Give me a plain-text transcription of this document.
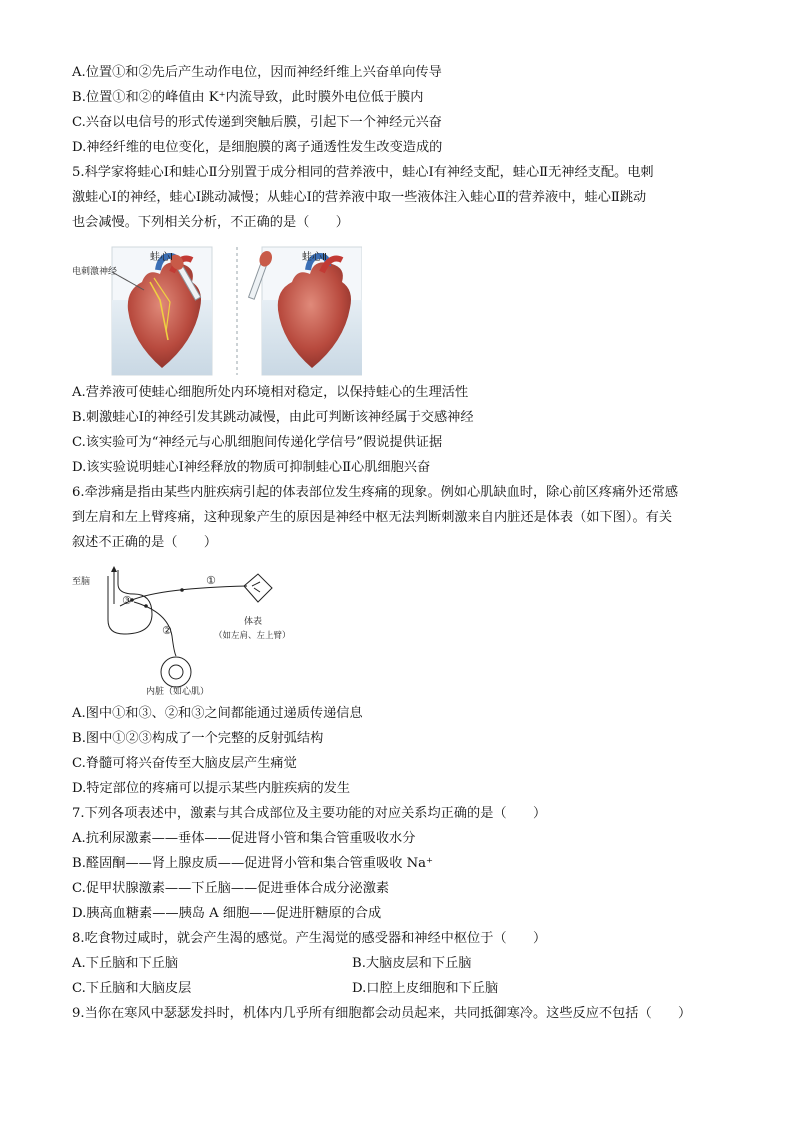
A.位置①和②先后产生动作电位，因而神经纤维上兴奋单向传导
B.位置①和②的峰值由 K⁺内流导致，此时膜外电位低于膜内
C.兴奋以电信号的形式传递到突触后膜，引起下一个神经元兴奋
D.神经纤维的电位变化，是细胞膜的离子通透性发生改变造成的
5.科学家将蛙心Ⅰ和蛙心Ⅱ分别置于成分相同的营养液中，蛙心Ⅰ有神经支配，蛙心Ⅱ无神经支配。电刺
激蛙心Ⅰ的神经，蛙心Ⅰ跳动减慢；从蛙心Ⅰ的营养液中取一些液体注入蛙心Ⅱ的营养液中，蛙心Ⅱ跳动
也会减慢。下列相关分析，不正确的是（　　）
蛙心Ⅰ	蛙心Ⅱ
电刺激神经
A.营养液可使蛙心细胞所处内环境相对稳定，以保持蛙心的生理活性
B.刺激蛙心Ⅰ的神经引发其跳动减慢，由此可判断该神经属于交感神经
C.该实验可为“神经元与心肌细胞间传递化学信号”假说提供证据
D.该实验说明蛙心Ⅰ神经释放的物质可抑制蛙心Ⅱ心肌细胞兴奋
6.牵涉痛是指由某些内脏疾病引起的体表部位发生疼痛的现象。例如心肌缺血时，除心前区疼痛外还常感
到左肩和左上臂疼痛，这种现象产生的原因是神经中枢无法判断刺激来自内脏还是体表（如下图）。有关
叙述不正确的是（　　）
至脑	①
②
③
体表
（如左肩、左上臂）
内脏（如心肌）
A.图中①和③、②和③之间都能通过递质传递信息
B.图中①②③构成了一个完整的反射弧结构
C.脊髓可将兴奋传至大脑皮层产生痛觉
D.特定部位的疼痛可以提示某些内脏疾病的发生
7.下列各项表述中，激素与其合成部位及主要功能的对应关系均正确的是（　　）
A.抗利尿激素——垂体——促进肾小管和集合管重吸收水分
B.醛固酮——肾上腺皮质——促进肾小管和集合管重吸收 Na⁺
C.促甲状腺激素——下丘脑——促进垂体合成分泌激素
D.胰高血糖素——胰岛 A 细胞——促进肝糖原的合成
8.吃食物过咸时，就会产生渴的感觉。产生渴觉的感受器和神经中枢位于（　　）
A.下丘脑和下丘脑	B.大脑皮层和下丘脑
C.下丘脑和大脑皮层	D.口腔上皮细胞和下丘脑
9.当你在寒风中瑟瑟发抖时，机体内几乎所有细胞都会动员起来，共同抵御寒冷。这些反应不包括（　　）
